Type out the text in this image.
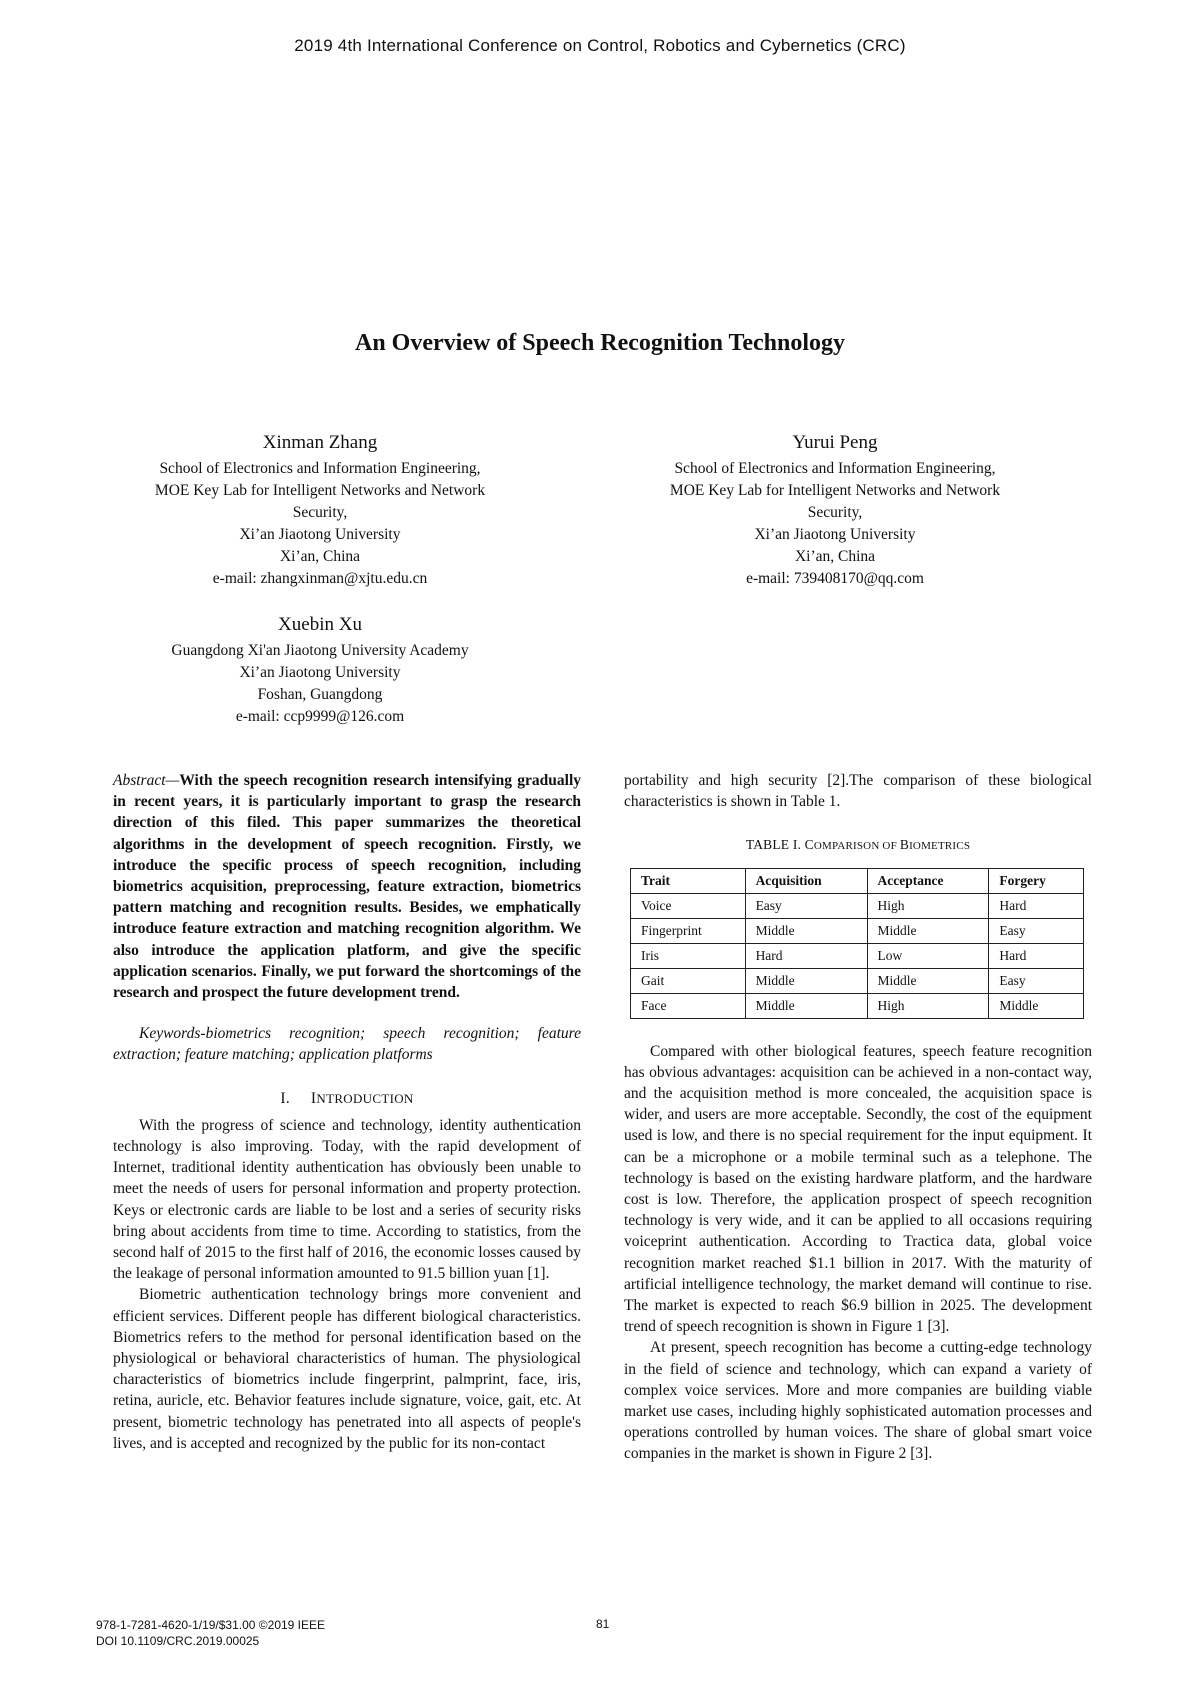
2019 4th International Conference on Control, Robotics and Cybernetics (CRC)
An Overview of Speech Recognition Technology
Xinman Zhang
School of Electronics and Information Engineering,
MOE Key Lab for Intelligent Networks and Network
Security,
Xi’an Jiaotong University
Xi’an, China
e-mail: zhangxinman@xjtu.edu.cn
Yurui Peng
School of Electronics and Information Engineering,
MOE Key Lab for Intelligent Networks and Network
Security,
Xi’an Jiaotong University
Xi’an, China
e-mail: 739408170@qq.com
Xuebin Xu
Guangdong Xi'an Jiaotong University Academy
Xi’an Jiaotong University
Foshan, Guangdong
e-mail: ccp9999@126.com

Abstract—With the speech recognition research intensifying gradually in recent years, it is particularly important to grasp the research direction of this filed. This paper summarizes the theoretical algorithms in the development of speech recognition. Firstly, we introduce the specific process of speech recognition, including biometrics acquisition, preprocessing, feature extraction, biometrics pattern matching and recognition results. Besides, we emphatically introduce feature extraction and matching recognition algorithm. We also introduce the application platform, and give the specific application scenarios. Finally, we put forward the shortcomings of the research and prospect the future development trend.

Keywords-biometrics recognition; speech recognition; feature extraction; feature matching; application platforms

I. INTRODUCTION

With the progress of science and technology, identity authentication technology is also improving. Today, with the rapid development of Internet, traditional identity authentication has obviously been unable to meet the needs of users for personal information and property protection. Keys or electronic cards are liable to be lost and a series of security risks bring about accidents from time to time. According to statistics, from the second half of 2015 to the first half of 2016, the economic losses caused by the leakage of personal information amounted to 91.5 billion yuan [1].

Biometric authentication technology brings more convenient and efficient services. Different people has different biological characteristics. Biometrics refers to the method for personal identification based on the physiological or behavioral characteristics of human. The physiological characteristics of biometrics include fingerprint, palmprint, face, iris, retina, auricle, etc. Behavior features include signature, voice, gait, etc. At present, biometric technology has penetrated into all aspects of people's lives, and is accepted and recognized by the public for its non-contact

portability and high security [2].The comparison of these biological characteristics is shown in Table 1.

TABLE I. COMPARISON OF BIOMETRICS

Trait	Acquisition	Acceptance	Forgery
Voice	Easy	High	Hard
Fingerprint	Middle	Middle	Easy
Iris	Hard	Low	Hard
Gait	Middle	Middle	Easy
Face	Middle	High	Middle

Compared with other biological features, speech feature recognition has obvious advantages: acquisition can be achieved in a non-contact way, and the acquisition method is more concealed, the acquisition space is wider, and users are more acceptable. Secondly, the cost of the equipment used is low, and there is no special requirement for the input equipment. It can be a microphone or a mobile terminal such as a telephone. The technology is based on the existing hardware platform, and the hardware cost is low. Therefore, the application prospect of speech recognition technology is very wide, and it can be applied to all occasions requiring voiceprint authentication. According to Tractica data, global voice recognition market reached $1.1 billion in 2017. With the maturity of artificial intelligence technology, the market demand will continue to rise. The market is expected to reach $6.9 billion in 2025. The development trend of speech recognition is shown in Figure 1 [3].

At present, speech recognition has become a cutting-edge technology in the field of science and technology, which can expand a variety of complex voice services. More and more companies are building viable market use cases, including highly sophisticated automation processes and operations controlled by human voices. The share of global smart voice companies in the market is shown in Figure 2 [3].

978-1-7281-4620-1/19/$31.00 ©2019 IEEE
DOI 10.1109/CRC.2019.00025
81
